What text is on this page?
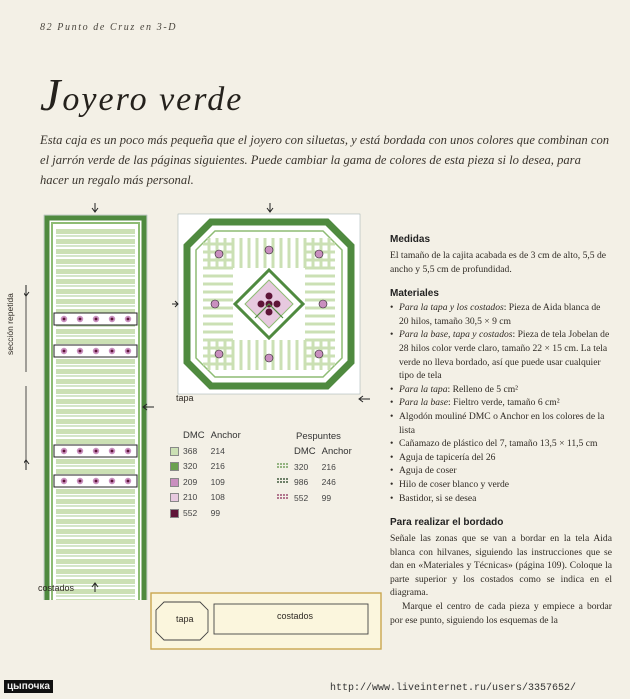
82 Punto de Cruz en 3-D
Joyero verde
Esta caja es un poco más pequeña que el joyero con siluetas, y está bordada con unos colores que combinan con el jarrón verde de las páginas siguientes. Puede cambiar la gama de colores de esta pieza si lo desea, para hacer un regalo más personal.
sección repetida
costados
tapa
	DMC	Anchor
	368	214
	320	216
	209	109
	210	108
	552	99
Pespuntes
	DMC	Anchor
	320	216
	986	246
	552	99
tapa	costados
Medidas
El tamaño de la cajita acabada es de 3 cm de alto, 5,5 de ancho y 5,5 cm de profundidad.
Materiales
• Para la tapa y los costados: Pieza de Aida blanca de 20 hilos, tamaño 30,5 × 9 cm
• Para la base, tapa y costados: Pieza de tela Jobelan de 28 hilos color verde claro, tamaño 22 × 15 cm. La tela verde no lleva bordado, así que puede usar cualquier tipo de tela
• Para la tapa: Relleno de 5 cm²
• Para la base: Fieltro verde, tamaño 6 cm²
• Algodón mouliné DMC o Anchor en los colores de la lista
• Cañamazo de plástico del 7, tamaño 13,5 × 11,5 cm
• Aguja de tapicería del 26
• Aguja de coser
• Hilo de coser blanco y verde
• Bastidor, si se desea
Para realizar el bordado
Señale las zonas que se van a bordar en la tela Aida blanca con hilvanes, siguiendo las instrucciones que se dan en «Materiales y Técnicas» (página 109). Coloque la parte superior y los costados como se indica en el diagrama.
Marque el centro de cada pieza y empiece a bordar por ese punto, siguiendo los esquemas de la
цыпочка	http://www.liveinternet.ru/users/3357652/
